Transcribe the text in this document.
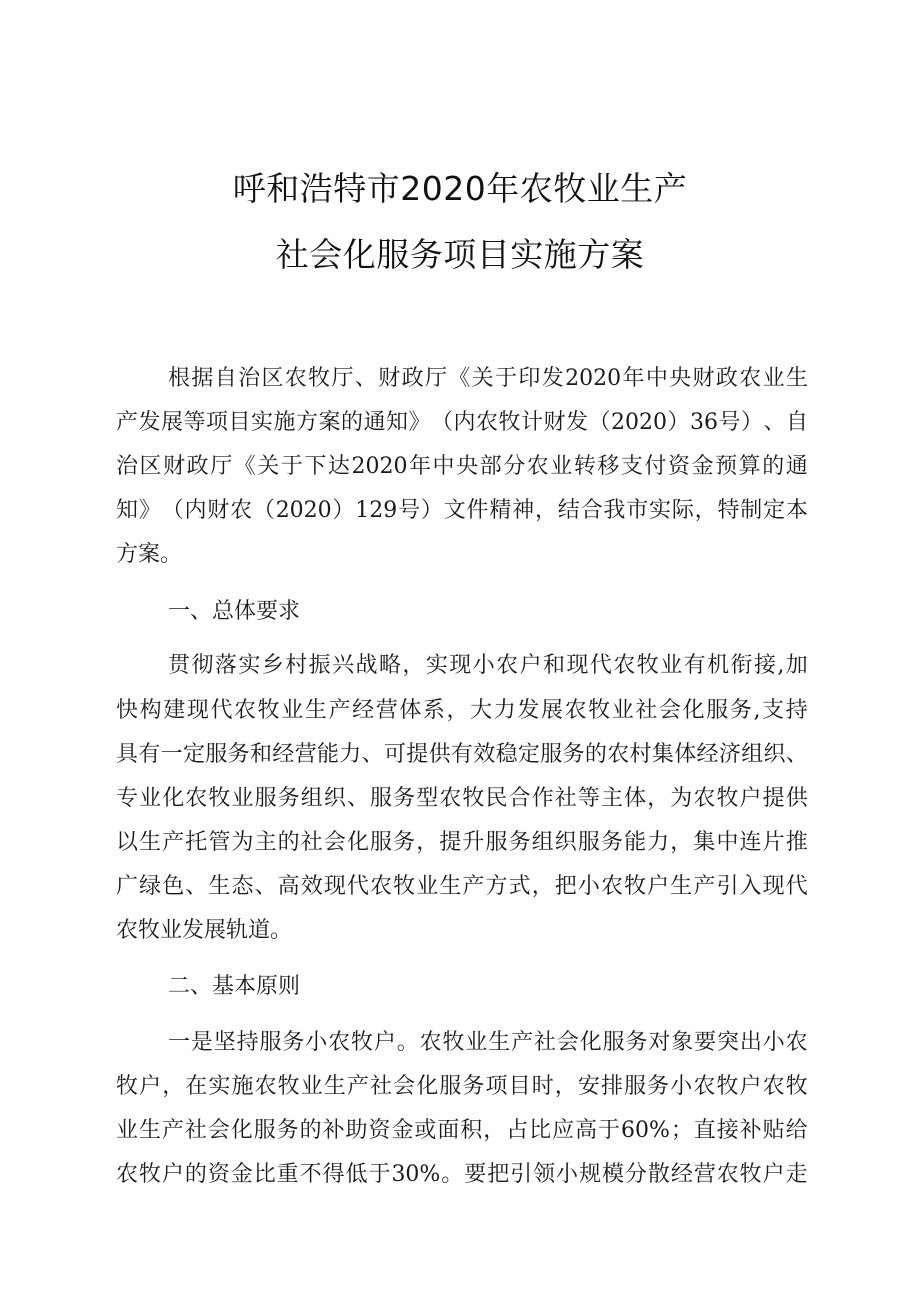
呼和浩特市2020年农牧业生产
社会化服务项目实施方案

根 据 自 治 区 农 牧 厅 、 财 政 厅 《 关 于 印 发 2020 年 中 央 财 政 农 业 生

产 发 展 等 项 目 实 施 方 案 的 通 知 》 （ 内 农 牧 计 财 发 （ 2020 ） 36 号 ） 、 自

治 区 财 政 厅 《 关 于 下 达 2020 年 中 央 部 分 农 业 转 移 支 付 资 金 预 算 的 通

知 》 （ 内 财 农 （ 2020 ） 129 号 ） 文 件 精 神 ， 结 合 我 市 实 际 ， 特 制 定 本

方案。

一、总体要求

贯 彻 落 实 乡 村 振 兴 战 略 ， 实 现 小 农 户 和 现 代 农 牧 业 有 机 衔 接 , 加

快 构 建 现 代 农 牧 业 生 产 经 营 体 系 ， 大 力 发 展 农 牧 业 社 会 化 服 务 , 支 持

具 有 一 定 服 务 和 经 营 能 力 、 可 提 供 有 效 稳 定 服 务 的 农 村 集 体 经 济 组 织 、

专 业 化 农 牧 业 服 务 组 织 、 服 务 型 农 牧 民 合 作 社 等 主 体 ， 为 农 牧 户 提 供

以 生 产 托 管 为 主 的 社 会 化 服 务 ， 提 升 服 务 组 织 服 务 能 力 ， 集 中 连 片 推

广 绿 色 、 生 态 、 高 效 现 代 农 牧 业 生 产 方 式 ， 把 小 农 牧 户 生 产 引 入 现 代

农牧业发展轨道。

二、基本原则

一 是 坚 持 服 务 小 农 牧 户 。 农 牧 业 生 产 社 会 化 服 务 对 象 要 突 出 小 农

牧 户 ， 在 实 施 农 牧 业 生 产 社 会 化 服 务 项 目 时 ， 安 排 服 务 小 农 牧 户 农 牧

业 生 产 社 会 化 服 务 的 补 助 资 金 或 面 积 ， 占 比 应 高 于 60% ； 直 接 补 贴 给

农 牧 户 的 资 金 比 重 不 得 低 于 30% 。 要 把 引 领 小 规 模 分 散 经 营 农 牧 户 走
